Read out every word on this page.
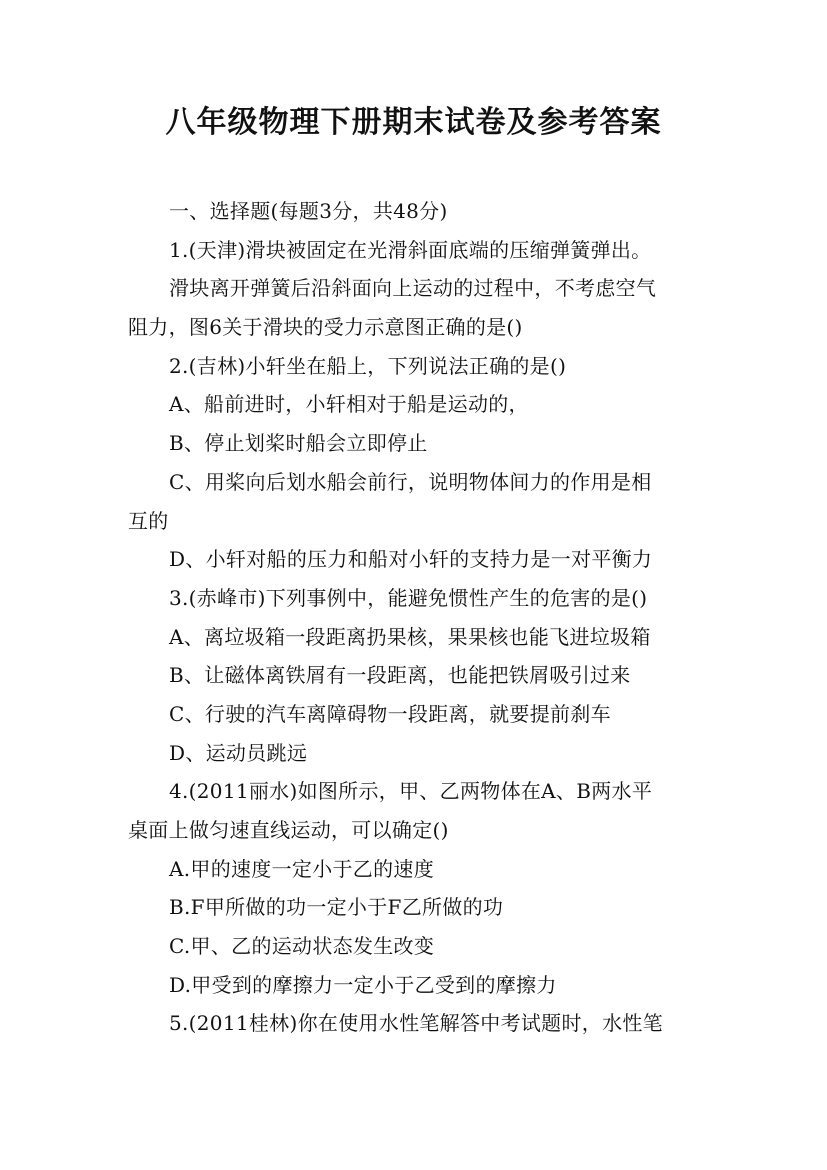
八年级物理下册期末试卷及参考答案
一、选择题(每题3分，共48分)
1.(天津)滑块被固定在光滑斜面底端的压缩弹簧弹出。
滑块离开弹簧后沿斜面向上运动的过程中，不考虑空气
阻力，图6关于滑块的受力示意图正确的是()
2.(吉林)小轩坐在船上，下列说法正确的是()
A、船前进时，小轩相对于船是运动的，
B、停止划桨时船会立即停止
C、用桨向后划水船会前行，说明物体间力的作用是相
互的
D、小轩对船的压力和船对小轩的支持力是一对平衡力
3.(赤峰市)下列事例中，能避免惯性产生的危害的是()
A、离垃圾箱一段距离扔果核，果果核也能飞进垃圾箱
B、让磁体离铁屑有一段距离，也能把铁屑吸引过来
C、行驶的汽车离障碍物一段距离，就要提前刹车
D、运动员跳远
4.(2011丽水)如图所示，甲、乙两物体在A、B两水平
桌面上做匀速直线运动，可以确定()
A.甲的速度一定小于乙的速度
B.F甲所做的功一定小于F乙所做的功
C.甲、乙的运动状态发生改变
D.甲受到的摩擦力一定小于乙受到的摩擦力
5.(2011桂林)你在使用水性笔解答中考试题时，水性笔
